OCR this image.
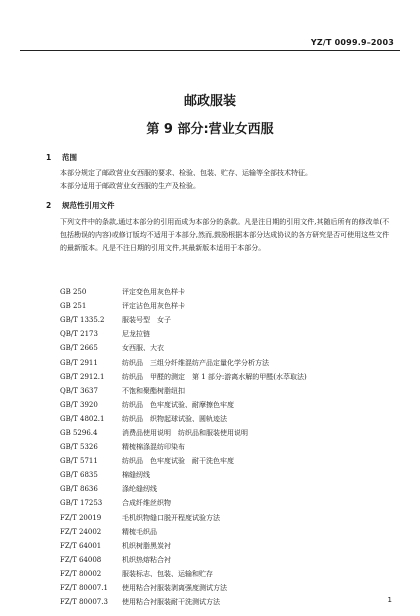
YZ/T 0099.9–2003
邮政服装
第 9 部分:营业女西服
1 范围
本部分规定了邮政营业女西服的要求、检验、包装、贮存、运输等全部技术特征。
本部分适用于邮政营业女西服的生产及检验。
2 规范性引用文件
下列文件中的条款,通过本部分的引用而成为本部分的条款。凡是注日期的引用文件,其随后所有的修改单(不包括勘误的内容)或修订版均不适用于本部分,然而,鼓励根据本部分达成协议的各方研究是否可使用这些文件的最新版本。凡是不注日期的引用文件,其最新版本适用于本部分。
GB 250	评定变色用灰色样卡
GB 251	评定沾色用灰色样卡
GB/T 1335.2	服装号型　女子
QB/T 2173	尼龙拉链
GB/T 2665	女西服、大衣
GB/T 2911	纺织品　三组分纤维混纺产品定量化学分析方法
GB/T 2912.1	纺织品　甲醛的测定　第 1 部分:游离水解的甲醛(水萃取法)
QB/T 3637	不饱和聚酯树脂纽扣
GB/T 3920	纺织品　色牢度试验、耐摩擦色牢度
GB/T 4802.1	纺织品　织物起球试验、圆轨迹法
GB 5296.4	消费品使用说明　纺织品和服装使用说明
GB/T 5326	精梳棉涤混纺印染布
GB/T 5711	纺织品　色牢度试验　耐干洗色牢度
GB/T 6835	棉缝纫线
GB/T 8636	涤纶缝纫线
GB/T 17253	合成纤维丝织物
FZ/T 20019	毛机织物缝口脱开程度试验方法
FZ/T 24002	精梳毛织品
FZ/T 64001	机织树脂黑炭衬
FZ/T 64008	机织热熔粘合衬
FZ/T 80002	服装标志、包装、运输和贮存
FZ/T 80007.1	使用粘合衬服装剥离强度测试方法
FZ/T 80007.3	使用粘合衬服装耐干洗测试方法	1
